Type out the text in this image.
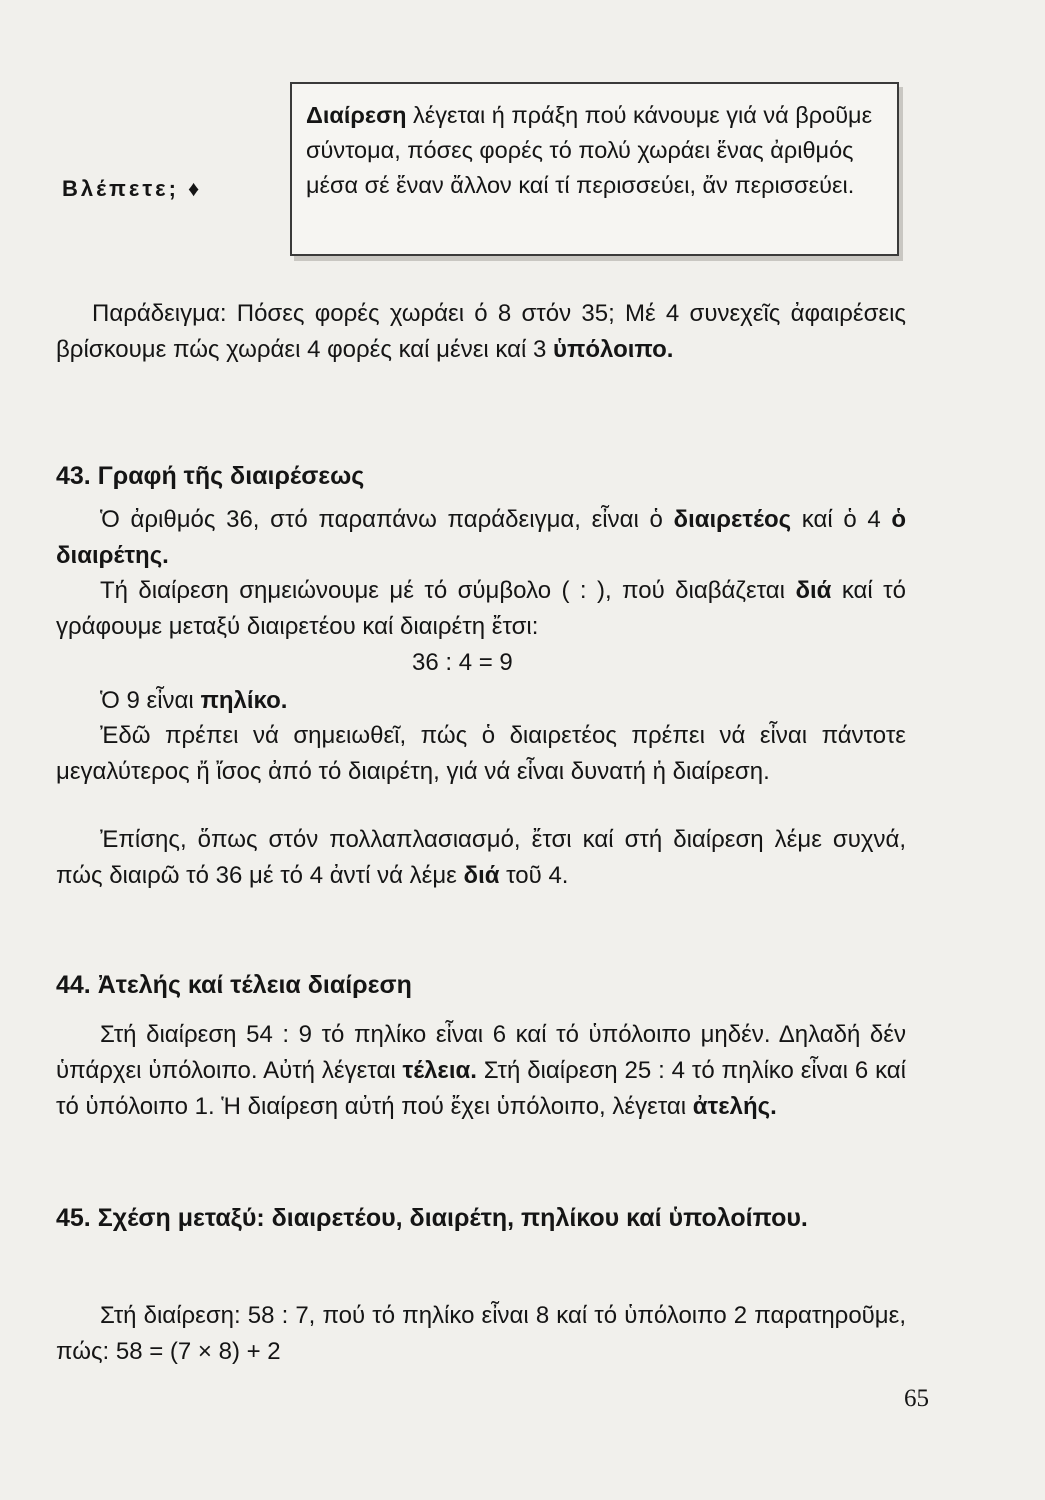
Βλέπετε; ♦
Διαίρεση λέγεται ή πράξη πού κάνουμε γιά νά βροῦμε σύντομα, πόσες φορές τό πολύ χωράει ἕνας ἀριθμός μέσα σέ ἕναν ἄλλον καί τί περισσεύει, ἄν περισσεύει.
Παράδειγμα: Πόσες φορές χωράει ό 8 στόν 35; Μέ 4 συνεχεῖς ἀφαιρέσεις βρίσκουμε πώς χωράει 4 φορές καί μένει καί 3 ὑπόλοιπο.
43. Γραφή τῆς διαιρέσεως
Ὁ ἀριθμός 36, στό παραπάνω παράδειγμα, εἶναι ὁ διαιρετέος καί ὁ 4 ὁ διαιρέτης.
Τή διαίρεση σημειώνουμε μέ τό σύμβολο ( : ), πού διαβάζεται διά καί τό γράφουμε μεταξύ διαιρετέου καί διαιρέτη ἔτσι:
36 : 4 = 9
Ὁ 9 εἶναι πηλίκο.
Ἐδῶ πρέπει νά σημειωθεῖ, πώς ὁ διαιρετέος πρέπει νά εἶναι πάντοτε μεγαλύτερος ἤ ἴσος ἀπό τό διαιρέτη, γιά νά εἶναι δυνατή ἡ διαίρεση.
Ἐπίσης, ὅπως στόν πολλαπλασιασμό, ἔτσι καί στή διαίρεση λέμε συχνά, πώς διαιρῶ τό 36 μέ τό 4 ἀντί νά λέμε διά τοῦ 4.
44. Ἀτελής καί τέλεια διαίρεση
Στή διαίρεση 54 : 9 τό πηλίκο εἶναι 6 καί τό ὑπόλοιπο μηδέν. Δηλαδή δέν ὑπάρχει ὑπόλοιπο. Αὐτή λέγεται τέλεια. Στή διαίρεση 25 : 4 τό πηλίκο εἶναι 6 καί τό ὑπόλοιπο 1. Ἡ διαίρεση αὐτή πού ἔχει ὑπόλοιπο, λέγεται ἀτελής.
45. Σχέση μεταξύ: διαιρετέου, διαιρέτη, πηλίκου καί ὑπολοίπου.
Στή διαίρεση: 58 : 7, πού τό πηλίκο εἶναι 8 καί τό ὑπόλοιπο 2 παρατηροῦμε, πώς: 58 = (7 × 8) + 2
65
